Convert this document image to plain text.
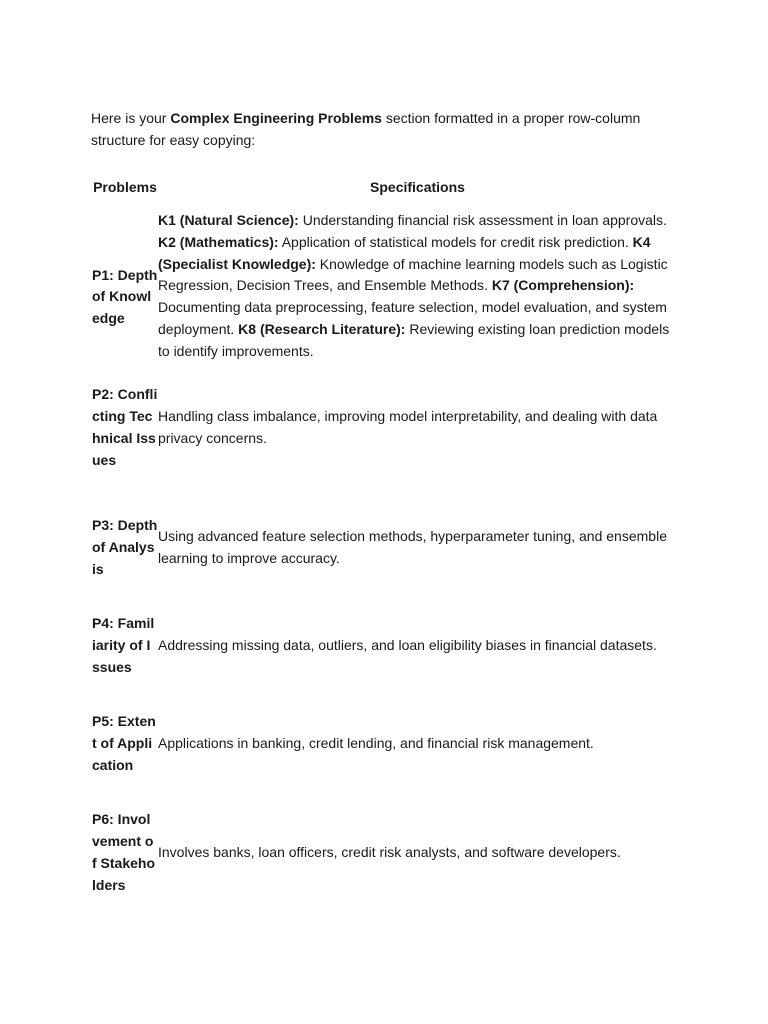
Here is your Complex Engineering Problems section formatted in a proper row-column structure for easy copying:

Problems	Specifications
P1: Depth of Knowledge	K1 (Natural Science): Understanding financial risk assessment in loan approvals. K2 (Mathematics): Application of statistical models for credit risk prediction. K4 (Specialist Knowledge): Knowledge of machine learning models such as Logistic Regression, Decision Trees, and Ensemble Methods. K7 (Comprehension): Documenting data preprocessing, feature selection, model evaluation, and system deployment. K8 (Research Literature): Reviewing existing loan prediction models to identify improvements.
P2: Conflicting Technical Issues	Handling class imbalance, improving model interpretability, and dealing with data privacy concerns.
P3: Depth of Analysis	Using advanced feature selection methods, hyperparameter tuning, and ensemble learning to improve accuracy.
P4: Familiarity of Issues	Addressing missing data, outliers, and loan eligibility biases in financial datasets.
P5: Extent of Application	Applications in banking, credit lending, and financial risk management.
P6: Involvement of Stakeholders	Involves banks, loan officers, credit risk analysts, and software developers.
